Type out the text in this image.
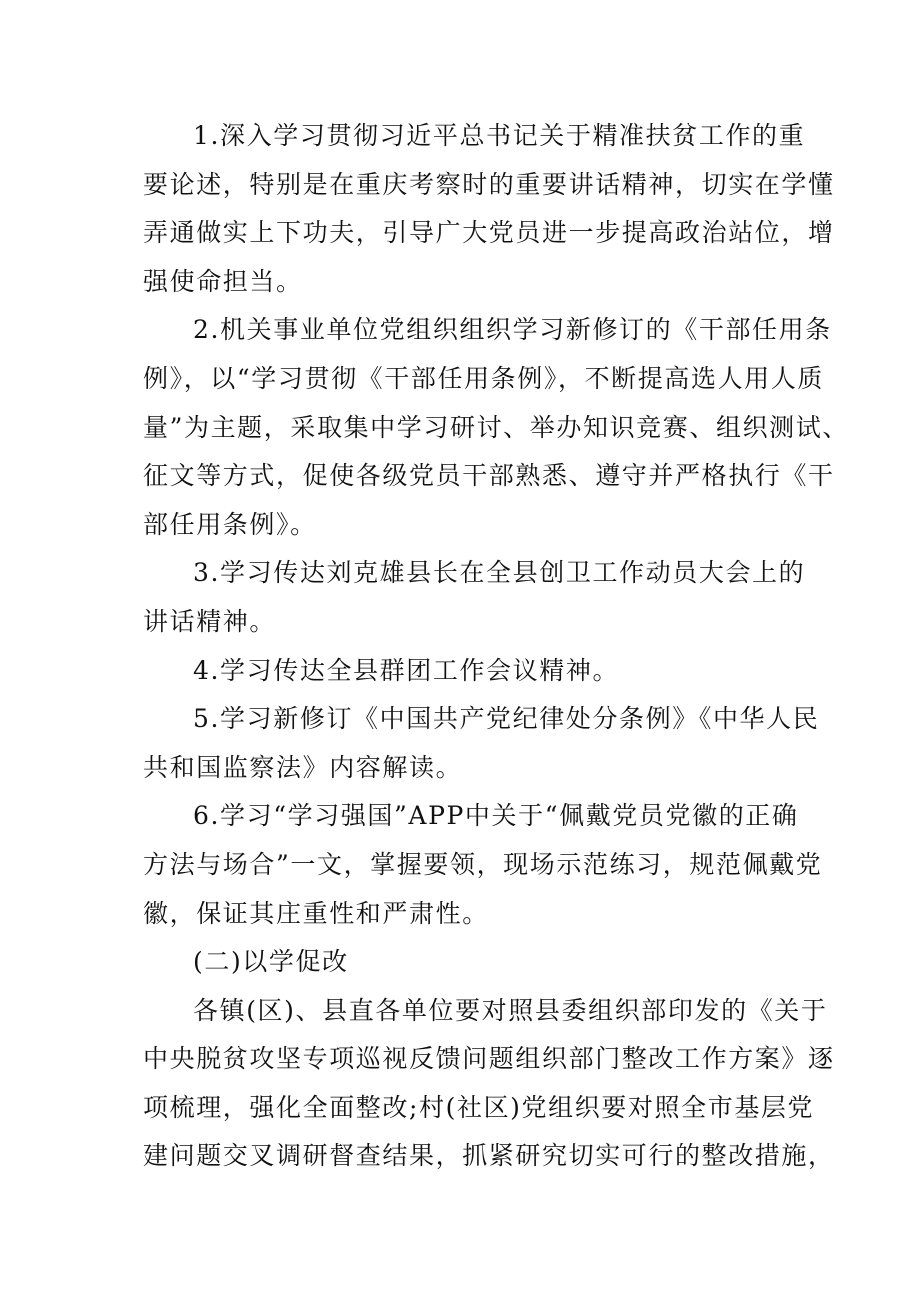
1.深入学习贯彻习近平总书记关于精准扶贫工作的重
要论述，特别是在重庆考察时的重要讲话精神，切实在学懂
弄通做实上下功夫，引导广大党员进一步提高政治站位，增
强使命担当。

2.机关事业单位党组织组织学习新修订的《干部任用条
例》，以“学习贯彻《干部任用条例》，不断提高选人用人质
量”为主题，采取集中学习研讨、举办知识竞赛、组织测试、
征文等方式，促使各级党员干部熟悉、遵守并严格执行《干
部任用条例》。

3.学习传达刘克雄县长在全县创卫工作动员大会上的
讲话精神。

4.学习传达全县群团工作会议精神。

5.学习新修订《中国共产党纪律处分条例》《中华人民
共和国监察法》内容解读。

6.学习“学习强国”APP中关于“佩戴党员党徽的正确
方法与场合”一文，掌握要领，现场示范练习，规范佩戴党
徽，保证其庄重性和严肃性。

(二)以学促改

各镇(区)、县直各单位要对照县委组织部印发的《关于
中央脱贫攻坚专项巡视反馈问题组织部门整改工作方案》逐
项梳理，强化全面整改;村(社区)党组织要对照全市基层党
建问题交叉调研督查结果，抓紧研究切实可行的整改措施，
